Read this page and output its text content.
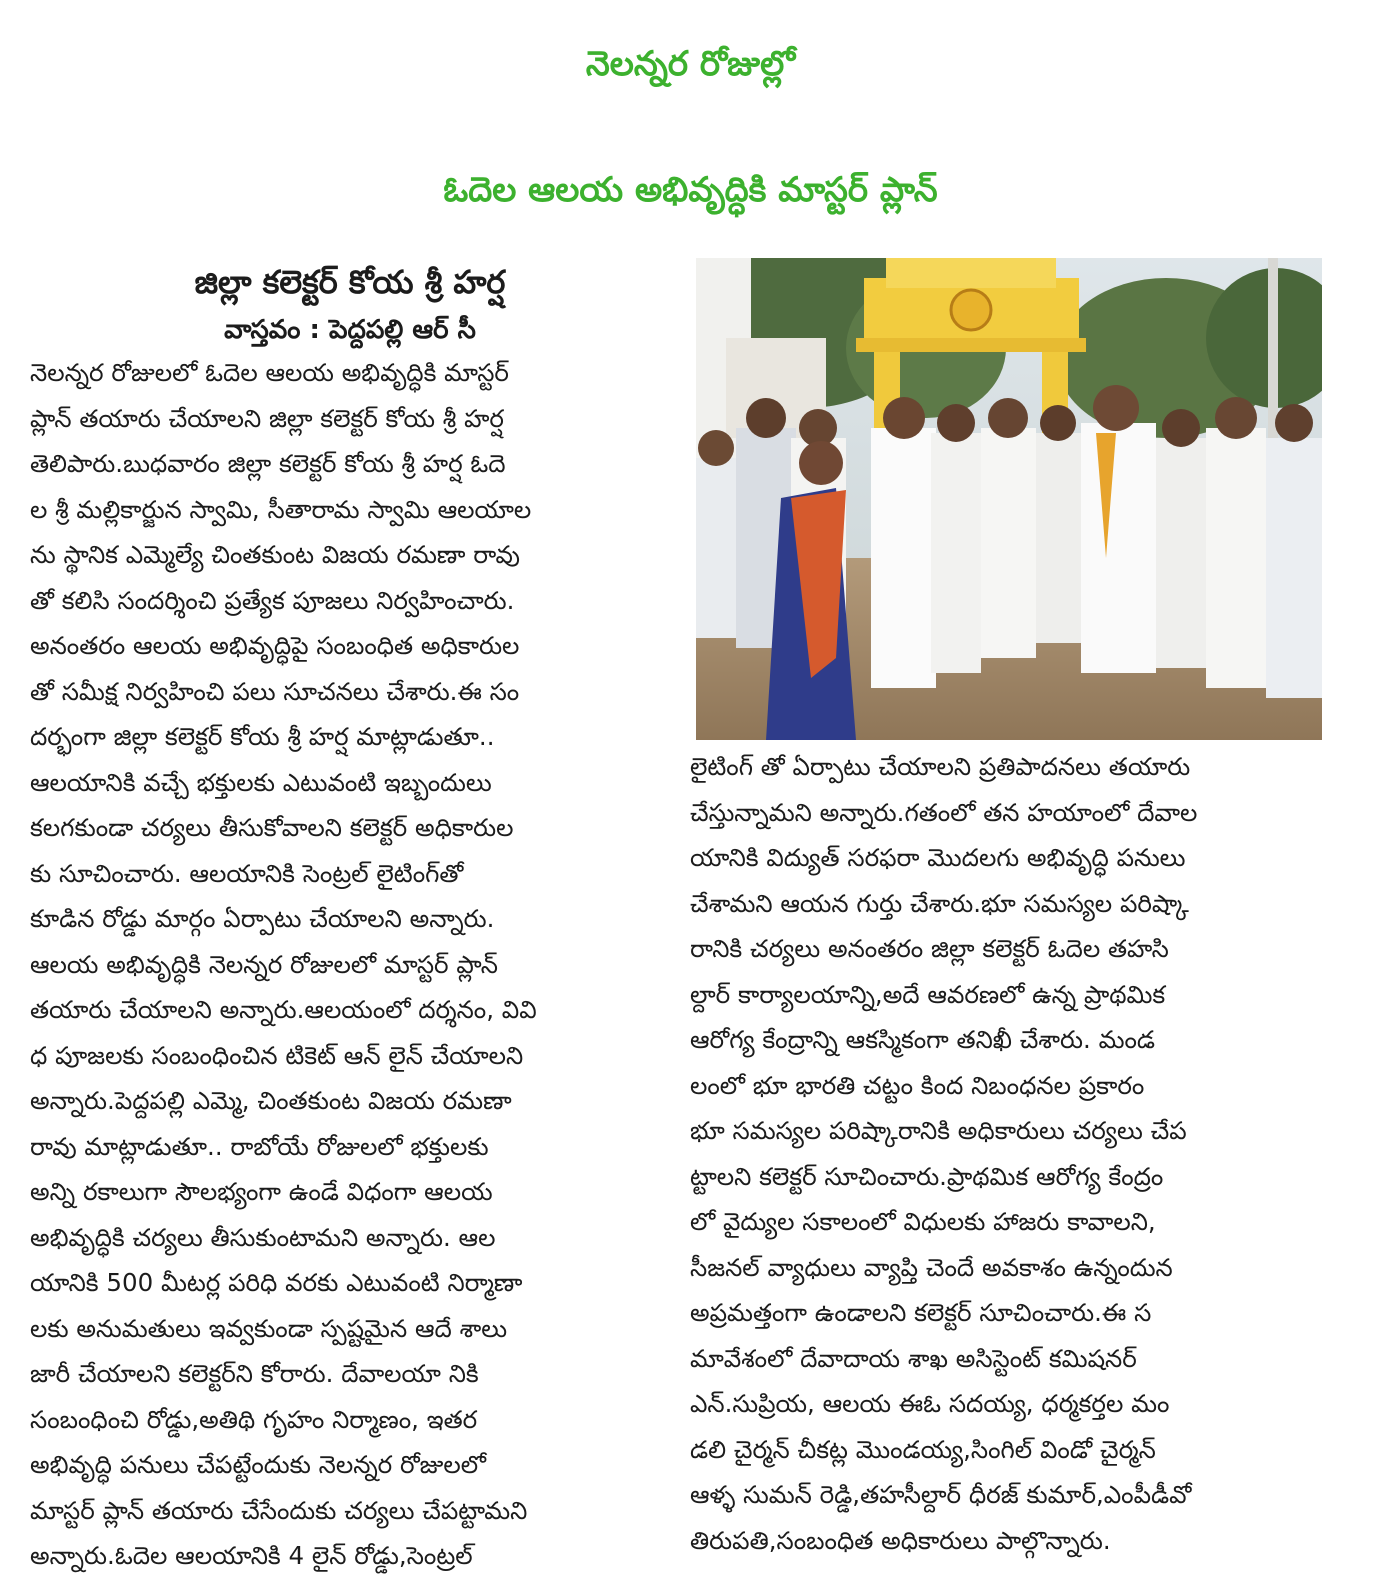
నెలన్నర రోజుల్లో
ఓదెల ఆలయ అభివృద్ధికి మాస్టర్ ప్లాన్
జిల్లా కలెక్టర్ కోయ శ్రీ హర్ష
వాస్తవం : పెద్దపల్లి ఆర్ సీ
నెలన్నర రోజులలో ఓదెల ఆలయ అభివృద్ధికి మాస్టర్
ప్లాన్ తయారు చేయాలని జిల్లా కలెక్టర్ కోయ శ్రీ హర్ష
తెలిపారు.బుధవారం జిల్లా కలెక్టర్ కోయ శ్రీ హర్ష ఓదె
ల శ్రీ మల్లికార్జున స్వామి, సీతారామ స్వామి ఆలయాల
ను స్థానిక ఎమ్మెల్యే చింతకుంట విజయ రమణా రావు
తో కలిసి సందర్శించి ప్రత్యేక పూజలు నిర్వహించారు.
అనంతరం ఆలయ అభివృద్ధిపై సంబంధిత అధికారుల
తో సమీక్ష నిర్వహించి పలు సూచనలు చేశారు.ఈ సం
దర్భంగా జిల్లా కలెక్టర్ కోయ శ్రీ హర్ష మాట్లాడుతూ..
ఆలయానికి వచ్చే భక్తులకు ఎటువంటి ఇబ్బందులు
కలగకుండా చర్యలు తీసుకోవాలని కలెక్టర్ అధికారుల
కు సూచించారు. ఆలయానికి సెంట్రల్ లైటింగ్‌తో
కూడిన రోడ్డు మార్గం ఏర్పాటు చేయాలని అన్నారు.
ఆలయ అభివృద్ధికి నెలన్నర రోజులలో మాస్టర్ ప్లాన్
తయారు చేయాలని అన్నారు.ఆలయంలో దర్శనం, వివి
ధ పూజలకు సంబంధించిన టికెట్ ఆన్ లైన్ చేయాలని
అన్నారు.పెద్దపల్లి ఎమ్మె, చింతకుంట విజయ రమణా
రావు మాట్లాడుతూ.. రాబోయే రోజులలో భక్తులకు
అన్ని రకాలుగా సౌలభ్యంగా ఉండే విధంగా ఆలయ
అభివృద్ధికి చర్యలు తీసుకుంటామని అన్నారు. ఆల
యానికి 500 మీటర్ల పరిధి వరకు ఎటువంటి నిర్మాణా
లకు అనుమతులు ఇవ్వకుండా స్పష్టమైన ఆదే శాలు
జారీ చేయాలని కలెక్టర్‌ని కోరారు. దేవాలయా నికి
సంబంధించి రోడ్డు,అతిథి గృహం నిర్మాణం, ఇతర
అభివృద్ధి పనులు చేపట్టేందుకు నెలన్నర రోజులలో
మాస్టర్ ప్లాన్ తయారు చేసేందుకు చర్యలు చేపట్టామని
అన్నారు.ఓదెల ఆలయానికి 4 లైన్ రోడ్డు,సెంట్రల్
లైటింగ్ తో ఏర్పాటు చేయాలని ప్రతిపాదనలు తయారు
చేస్తున్నామని అన్నారు.గతంలో తన హయాంలో దేవాల
యానికి విద్యుత్ సరఫరా మొదలగు అభివృద్ధి పనులు
చేశామని ఆయన గుర్తు చేశారు.భూ సమస్యల పరిష్కా
రానికి చర్యలు అనంతరం జిల్లా కలెక్టర్ ఓదెల తహసి
ల్దార్ కార్యాలయాన్ని,అదే ఆవరణలో ఉన్న ప్రాథమిక
ఆరోగ్య కేంద్రాన్ని ఆకస్మికంగా తనిఖీ చేశారు. మండ
లంలో భూ భారతి చట్టం కింద నిబంధనల ప్రకారం
భూ సమస్యల పరిష్కారానికి అధికారులు చర్యలు చేప
ట్టాలని కలెక్టర్ సూచించారు.ప్రాథమిక ఆరోగ్య కేంద్రం
లో వైద్యుల సకాలంలో విధులకు హాజరు కావాలని,
సీజనల్ వ్యాధులు వ్యాప్తి చెందే అవకాశం ఉన్నందున
అప్రమత్తంగా ఉండాలని కలెక్టర్ సూచించారు.ఈ స
మావేశంలో దేవాదాయ శాఖ అసిస్టెంట్ కమిషనర్
ఎన్.సుప్రియ, ఆలయ ఈఓ సదయ్య, ధర్మకర్తల మం
డలి చైర్మన్ చీకట్ల మొండయ్య,సింగిల్ విండో చైర్మన్
ఆళ్ళ సుమన్ రెడ్డి,తహసీల్దార్ ధీరజ్ కుమార్,ఎంపీడీవో
తిరుపతి,సంబంధిత అధికారులు పాల్గొన్నారు.
